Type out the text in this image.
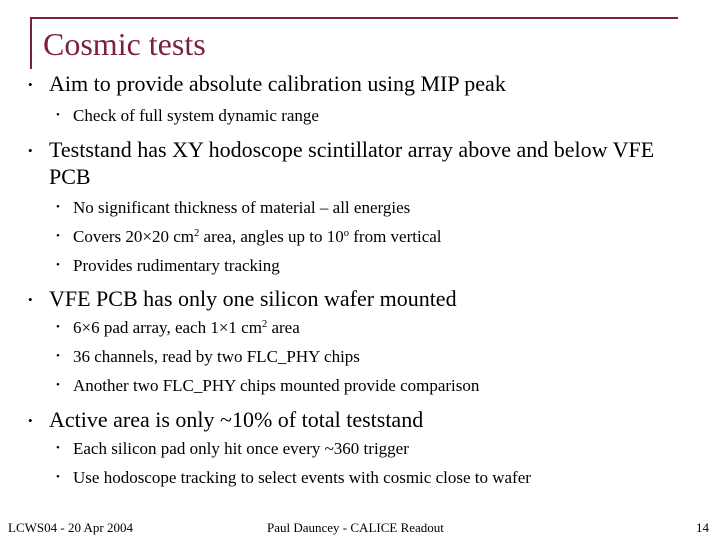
Cosmic tests
• Aim to provide absolute calibration using MIP peak
• Check of full system dynamic range
• Teststand has XY hodoscope scintillator array above and below VFE PCB
• No significant thickness of material – all energies
• Covers 20×20 $cm^2$ area, angles up to 10$^o$ from vertical
• Provides rudimentary tracking
• VFE PCB has only one silicon wafer mounted
• 6×6 pad array, each 1×1 $cm^2$ area
• 36 channels, read by two FLC_PHY chips
• Another two FLC_PHY chips mounted provide comparison
• Active area is only ~10% of total teststand
• Each silicon pad only hit once every ~360 trigger
• Use hodoscope tracking to select events with cosmic close to wafer
LCWS04 - 20 Apr 2004	Paul Dauncey - CALICE Readout	14
